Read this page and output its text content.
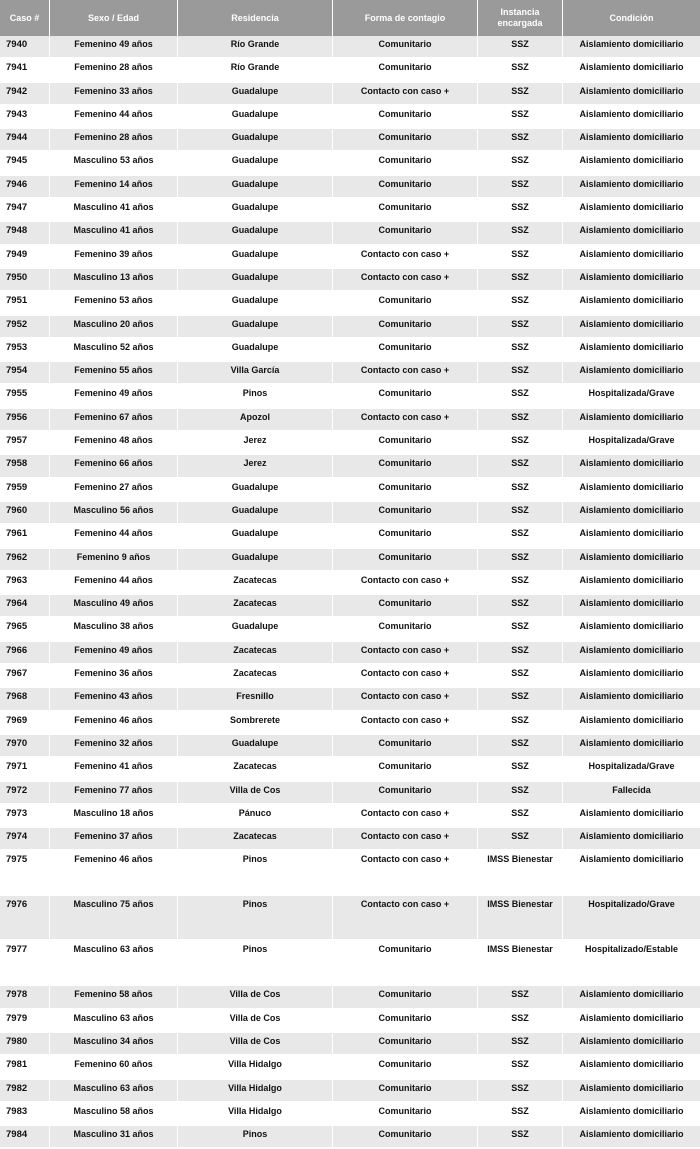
Caso #	Sexo / Edad	Residencia	Forma de contagio	Instancia encargada	Condición
7940	Femenino 49 años	Río Grande	Comunitario	SSZ	Aislamiento domiciliario
7941	Femenino 28 años	Río Grande	Comunitario	SSZ	Aislamiento domiciliario
7942	Femenino 33 años	Guadalupe	Contacto con caso +	SSZ	Aislamiento domiciliario
7943	Femenino 44 años	Guadalupe	Comunitario	SSZ	Aislamiento domiciliario
7944	Femenino 28 años	Guadalupe	Comunitario	SSZ	Aislamiento domiciliario
7945	Masculino 53 años	Guadalupe	Comunitario	SSZ	Aislamiento domiciliario
7946	Femenino 14 años	Guadalupe	Comunitario	SSZ	Aislamiento domiciliario
7947	Masculino 41 años	Guadalupe	Comunitario	SSZ	Aislamiento domiciliario
7948	Masculino 41 años	Guadalupe	Comunitario	SSZ	Aislamiento domiciliario
7949	Femenino 39 años	Guadalupe	Contacto con caso +	SSZ	Aislamiento domiciliario
7950	Masculino 13 años	Guadalupe	Contacto con caso +	SSZ	Aislamiento domiciliario
7951	Femenino 53 años	Guadalupe	Comunitario	SSZ	Aislamiento domiciliario
7952	Masculino 20 años	Guadalupe	Comunitario	SSZ	Aislamiento domiciliario
7953	Masculino 52 años	Guadalupe	Comunitario	SSZ	Aislamiento domiciliario
7954	Femenino 55 años	Villa García	Contacto con caso +	SSZ	Aislamiento domiciliario
7955	Femenino 49 años	Pinos	Comunitario	SSZ	Hospitalizada/Grave
7956	Femenino 67 años	Apozol	Contacto con caso +	SSZ	Aislamiento domiciliario
7957	Femenino 48 años	Jerez	Comunitario	SSZ	Hospitalizada/Grave
7958	Femenino 66 años	Jerez	Comunitario	SSZ	Aislamiento domiciliario
7959	Femenino 27 años	Guadalupe	Comunitario	SSZ	Aislamiento domiciliario
7960	Masculino 56 años	Guadalupe	Comunitario	SSZ	Aislamiento domiciliario
7961	Femenino 44 años	Guadalupe	Comunitario	SSZ	Aislamiento domiciliario
7962	Femenino 9 años	Guadalupe	Comunitario	SSZ	Aislamiento domiciliario
7963	Femenino 44 años	Zacatecas	Contacto con caso +	SSZ	Aislamiento domiciliario
7964	Masculino 49 años	Zacatecas	Comunitario	SSZ	Aislamiento domiciliario
7965	Masculino 38 años	Guadalupe	Comunitario	SSZ	Aislamiento domiciliario
7966	Femenino 49 años	Zacatecas	Contacto con caso +	SSZ	Aislamiento domiciliario
7967	Femenino 36 años	Zacatecas	Contacto con caso +	SSZ	Aislamiento domiciliario
7968	Femenino 43 años	Fresnillo	Contacto con caso +	SSZ	Aislamiento domiciliario
7969	Femenino 46 años	Sombrerete	Contacto con caso +	SSZ	Aislamiento domiciliario
7970	Femenino 32 años	Guadalupe	Comunitario	SSZ	Aislamiento domiciliario
7971	Femenino 41 años	Zacatecas	Comunitario	SSZ	Hospitalizada/Grave
7972	Femenino 77 años	Villa de Cos	Comunitario	SSZ	Fallecida
7973	Masculino 18 años	Pánuco	Contacto con caso +	SSZ	Aislamiento domiciliario
7974	Femenino 37 años	Zacatecas	Contacto con caso +	SSZ	Aislamiento domiciliario
7975	Femenino 46 años	Pinos	Contacto con caso +	IMSS Bienestar	Aislamiento domiciliario
7976	Masculino 75 años	Pinos	Contacto con caso +	IMSS Bienestar	Hospitalizado/Grave
7977	Masculino 63 años	Pinos	Comunitario	IMSS Bienestar	Hospitalizado/Estable
7978	Femenino 58 años	Villa de Cos	Comunitario	SSZ	Aislamiento domiciliario
7979	Masculino 63 años	Villa de Cos	Comunitario	SSZ	Aislamiento domiciliario
7980	Masculino 34 años	Villa de Cos	Comunitario	SSZ	Aislamiento domiciliario
7981	Femenino 60 años	Villa Hidalgo	Comunitario	SSZ	Aislamiento domiciliario
7982	Masculino 63 años	Villa Hidalgo	Comunitario	SSZ	Aislamiento domiciliario
7983	Masculino 58 años	Villa Hidalgo	Comunitario	SSZ	Aislamiento domiciliario
7984	Masculino 31 años	Pinos	Comunitario	SSZ	Aislamiento domiciliario
